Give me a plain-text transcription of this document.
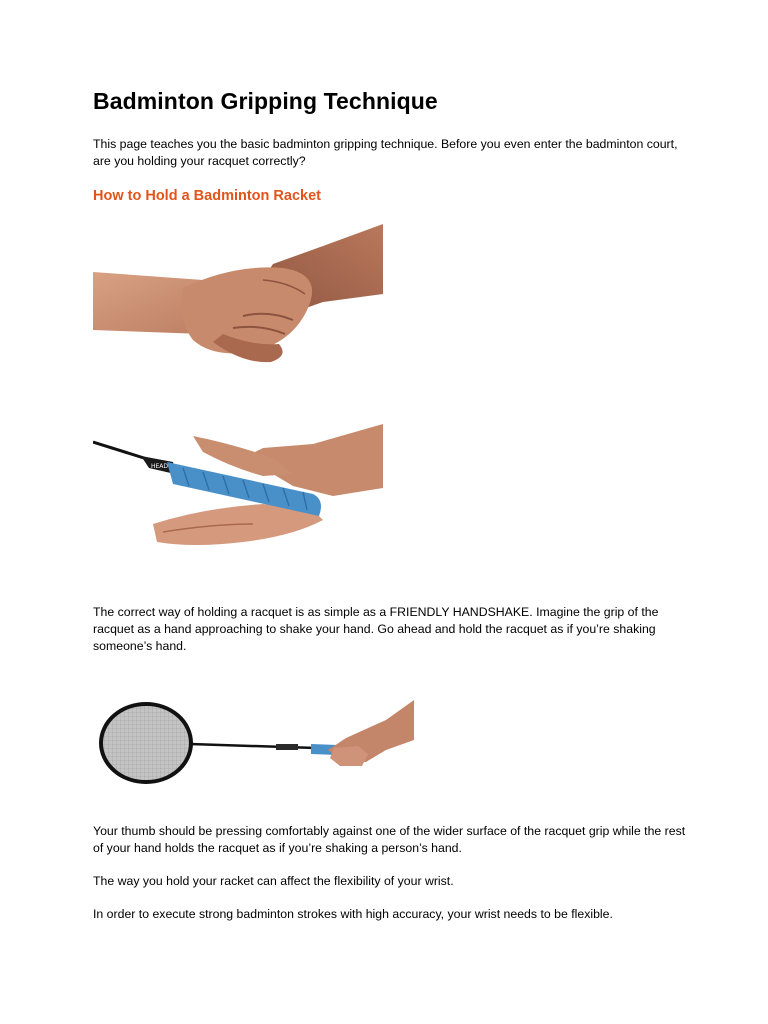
Badminton Gripping Technique

This page teaches you the basic badminton gripping technique. Before you even enter the badminton court, are you holding your racquet correctly?

How to Hold a Badminton Racket
HEAD

The correct way of holding a racquet is as simple as a FRIENDLY HANDSHAKE. Imagine the grip of the racquet as a hand approaching to shake your hand. Go ahead and hold the racquet as if you’re shaking someone’s hand.

Your thumb should be pressing comfortably against one of the wider surface of the racquet grip while the rest of your hand holds the racquet as if you’re shaking a person’s hand.

The way you hold your racket can affect the flexibility of your wrist.

In order to execute strong badminton strokes with high accuracy, your wrist needs to be flexible.
